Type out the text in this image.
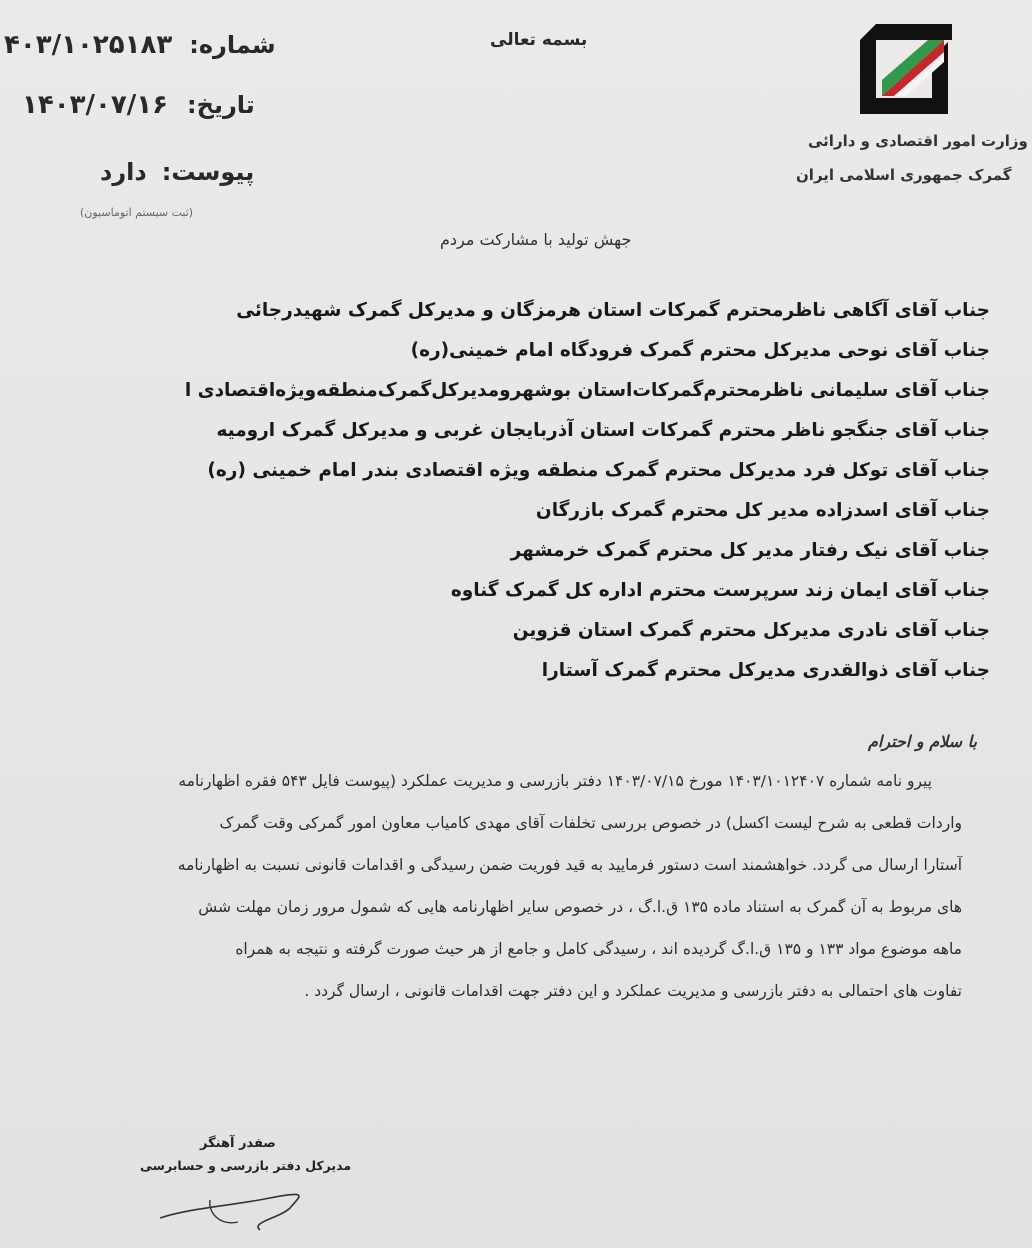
بسمه تعالی
شماره: ۴۰۳/۱۰۲۵۱۸۳
تاریخ: ۱۴۰۳/۰۷/۱۶
پیوست: دارد
(ثبت سیستم اتوماسیون)
وزارت امور اقتصادی و دارائی
گمرک جمهوری اسلامی ایران
جهش تولید با مشارکت مردم
جناب آقای آگاهی ناظرمحترم گمرکات استان هرمزگان و مدیرکل گمرک شهیدرجائی
جناب آقای نوحی مدیرکل محترم گمرک فرودگاه امام خمینی(ره)
جناب آقای سلیمانی ناظرمحترم‌گمرکات‌استان بوشهرومدیرکل‌گمرک‌منطقه‌ویژه‌اقتصادی ا
جناب آقای جنگجو ناظر محترم گمرکات استان آذربایجان غربی و مدیرکل گمرک ارومیه
جناب آقای توکل فرد مدیرکل محترم گمرک منطقه ویژه اقتصادی بندر امام خمینی (ره)
جناب آقای اسدزاده مدیر کل محترم گمرک بازرگان
جناب آقای نیک رفتار مدیر کل محترم گمرک خرمشهر
جناب آقای ایمان زند سرپرست محترم اداره کل گمرک گناوه
جناب آقای نادری مدیرکل محترم گمرک استان قزوین
جناب آقای ذوالقدری مدیرکل محترم گمرک آستارا
با سلام و احترام
پیرو نامه شماره ۱۴۰۳/۱۰۱۲۴۰۷ مورخ ۱۴۰۳/۰۷/۱۵ دفتر بازرسی و مدیریت عملکرد (پیوست فایل ۵۴۳ فقره اظهارنامه
واردات قطعی به شرح لیست اکسل) در خصوص بررسی تخلفات آقای مهدی کامیاب معاون امور گمرکی وقت گمرک
آستارا ارسال می گردد. خواهشمند است دستور فرمایید به قید فوریت ضمن رسیدگی و اقدامات قانونی نسبت به اظهارنامه
های مربوط به آن گمرک به استناد ماده ۱۳۵ ق.ا.گ ، در خصوص سایر اظهارنامه هایی که شمول مرور زمان مهلت شش
ماهه موضوع مواد ۱۳۳ و ۱۳۵ ق.ا.گ گردیده اند ، رسیدگی کامل و جامع از هر حیث صورت گرفته و نتیجه به همراه
تفاوت های احتمالی به دفتر بازرسی و مدیریت عملکرد و این دفتر جهت اقدامات قانونی ، ارسال گردد .
صفدر آهنگر
مدیرکل دفتر بازرسی و حسابرسی
